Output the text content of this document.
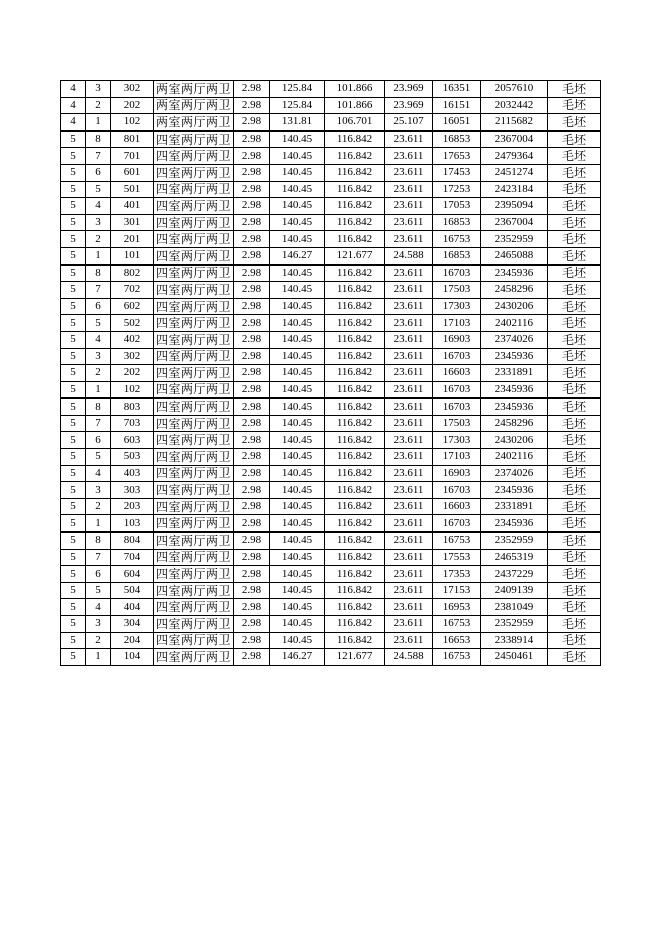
4	3	302	两室两厅两卫	2.98	125.84	101.866	23.969	16351	2057610	毛坯
4	2	202	两室两厅两卫	2.98	125.84	101.866	23.969	16151	2032442	毛坯
4	1	102	两室两厅两卫	2.98	131.81	106.701	25.107	16051	2115682	毛坯
5	8	801	四室两厅两卫	2.98	140.45	116.842	23.611	16853	2367004	毛坯
5	7	701	四室两厅两卫	2.98	140.45	116.842	23.611	17653	2479364	毛坯
5	6	601	四室两厅两卫	2.98	140.45	116.842	23.611	17453	2451274	毛坯
5	5	501	四室两厅两卫	2.98	140.45	116.842	23.611	17253	2423184	毛坯
5	4	401	四室两厅两卫	2.98	140.45	116.842	23.611	17053	2395094	毛坯
5	3	301	四室两厅两卫	2.98	140.45	116.842	23.611	16853	2367004	毛坯
5	2	201	四室两厅两卫	2.98	140.45	116.842	23.611	16753	2352959	毛坯
5	1	101	四室两厅两卫	2.98	146.27	121.677	24.588	16853	2465088	毛坯
5	8	802	四室两厅两卫	2.98	140.45	116.842	23.611	16703	2345936	毛坯
5	7	702	四室两厅两卫	2.98	140.45	116.842	23.611	17503	2458296	毛坯
5	6	602	四室两厅两卫	2.98	140.45	116.842	23.611	17303	2430206	毛坯
5	5	502	四室两厅两卫	2.98	140.45	116.842	23.611	17103	2402116	毛坯
5	4	402	四室两厅两卫	2.98	140.45	116.842	23.611	16903	2374026	毛坯
5	3	302	四室两厅两卫	2.98	140.45	116.842	23.611	16703	2345936	毛坯
5	2	202	四室两厅两卫	2.98	140.45	116.842	23.611	16603	2331891	毛坯
5	1	102	四室两厅两卫	2.98	140.45	116.842	23.611	16703	2345936	毛坯
5	8	803	四室两厅两卫	2.98	140.45	116.842	23.611	16703	2345936	毛坯
5	7	703	四室两厅两卫	2.98	140.45	116.842	23.611	17503	2458296	毛坯
5	6	603	四室两厅两卫	2.98	140.45	116.842	23.611	17303	2430206	毛坯
5	5	503	四室两厅两卫	2.98	140.45	116.842	23.611	17103	2402116	毛坯
5	4	403	四室两厅两卫	2.98	140.45	116.842	23.611	16903	2374026	毛坯
5	3	303	四室两厅两卫	2.98	140.45	116.842	23.611	16703	2345936	毛坯
5	2	203	四室两厅两卫	2.98	140.45	116.842	23.611	16603	2331891	毛坯
5	1	103	四室两厅两卫	2.98	140.45	116.842	23.611	16703	2345936	毛坯
5	8	804	四室两厅两卫	2.98	140.45	116.842	23.611	16753	2352959	毛坯
5	7	704	四室两厅两卫	2.98	140.45	116.842	23.611	17553	2465319	毛坯
5	6	604	四室两厅两卫	2.98	140.45	116.842	23.611	17353	2437229	毛坯
5	5	504	四室两厅两卫	2.98	140.45	116.842	23.611	17153	2409139	毛坯
5	4	404	四室两厅两卫	2.98	140.45	116.842	23.611	16953	2381049	毛坯
5	3	304	四室两厅两卫	2.98	140.45	116.842	23.611	16753	2352959	毛坯
5	2	204	四室两厅两卫	2.98	140.45	116.842	23.611	16653	2338914	毛坯
5	1	104	四室两厅两卫	2.98	146.27	121.677	24.588	16753	2450461	毛坯
